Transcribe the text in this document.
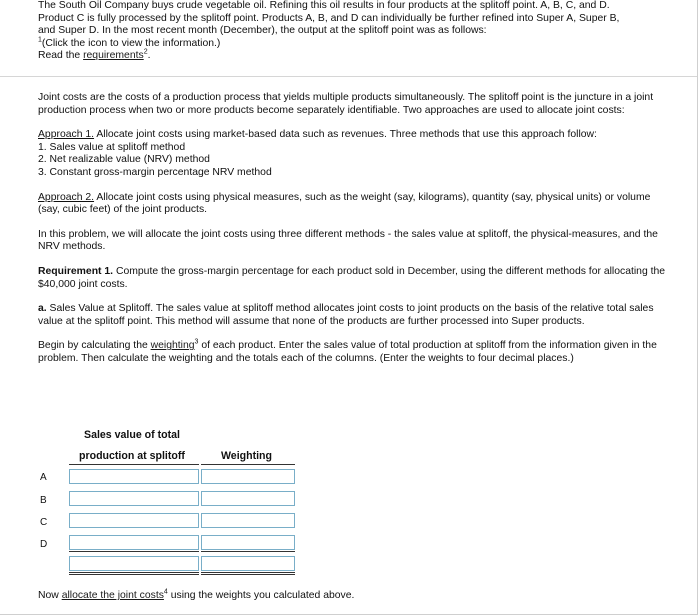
The South Oil Company buys crude vegetable oil. Refining this oil results in four products at the splitoff point. A, B, C, and D.

Product C is fully processed by the splitoff point. Products A, B, and D can individually be further refined into Super A, Super B,

and Super D. In the most recent month (December), the output at the splitoff point was as follows:

$^1$(Click the icon to view the information.)

Read the requirements$^2$.

Joint costs are the costs of a production process that yields multiple products simultaneously. The splitoff point is the juncture in a joint production process when two or more products become separately identifiable. Two approaches are used to allocate joint costs:

Approach 1. Allocate joint costs using market-based data such as revenues. Three methods that use this approach follow:

1. Sales value at splitoff method
2. Net realizable value (NRV) method
3. Constant gross-margin percentage NRV method

Approach 2. Allocate joint costs using physical measures, such as the weight (say, kilograms), quantity (say, physical units) or volume (say, cubic feet) of the joint products.

In this problem, we will allocate the joint costs using three different methods - the sales value at splitoff, the physical-measures, and the NRV methods.

Requirement 1. Compute the gross-margin percentage for each product sold in December, using the different methods for allocating the $40,000 joint costs.

a. Sales Value at Splitoff. The sales value at splitoff method allocates joint costs to joint products on the basis of the relative total sales value at the splitoff point. This method will assume that none of the products are further processed into Super products.

Begin by calculating the weighting$^3$ of each product. Enter the sales value of total production at splitoff from the information given in the problem. Then calculate the weighting and the totals each of the columns. (Enter the weights to four decimal places.)

Sales value of total
production at splitoff	Weighting
A
B
C
D
Now allocate the joint costs$^4$ using the weights you calculated above.
